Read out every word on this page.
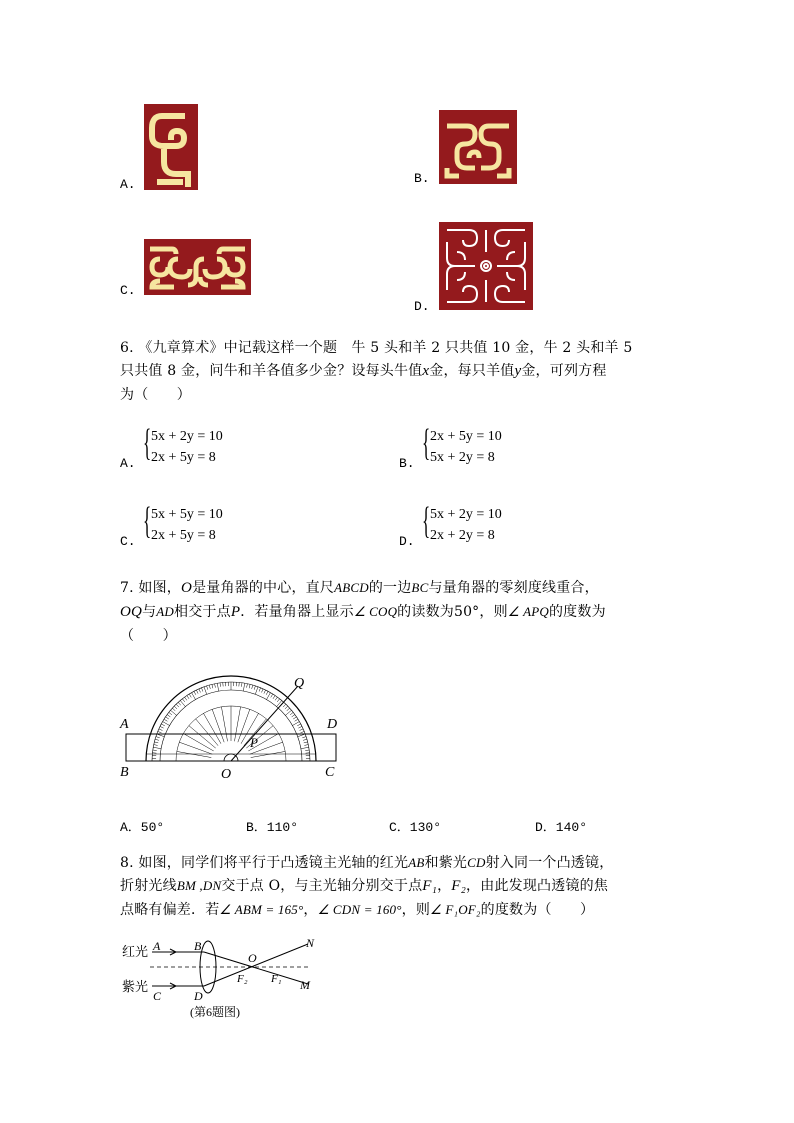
A.	B.
C.
D.
6. 《九章算术》中记载这样一个题　牛 5 头和羊 2 只共值 10 金，牛 2 头和羊 5
只共值 8 金，问牛和羊各值多少金？设每头牛值x金，每只羊值y金，可列方程
为（　　）
A. { 5x + 2y = 10
2x + 5y = 8	B. { 2x + 5y = 10
5x + 2y = 8
C. { 5x + 5y = 10
2x + 5y = 8	D. { 5x + 2y = 10
2x + 2y = 8
7. 如图，O是量角器的中心，直尺ABCD的一边BC与量角器的零刻度线重合，
OQ与AD相交于点P．若量角器上显示∠ COQ的读数为50°，则∠ APQ的度数为
（　　）
A
B	C
D
O
P
Q
A．50°	B．110°	C．130°	D．140°
8. 如图，同学们将平行于凸透镜主光轴的红光AB和紫光CD射入同一个凸透镜，
折射光线BM ,DN交于点 O，与主光轴分别交于点F₁，F₂，由此发现凸透镜的焦
点略有偏差．若∠ ABM = 165°，∠ CDN = 160°，则∠ F₁OF₂的度数为（　　）
红光
紫光
A	B
C	D
O
N
M
F₂ F₁
(第6题图)
